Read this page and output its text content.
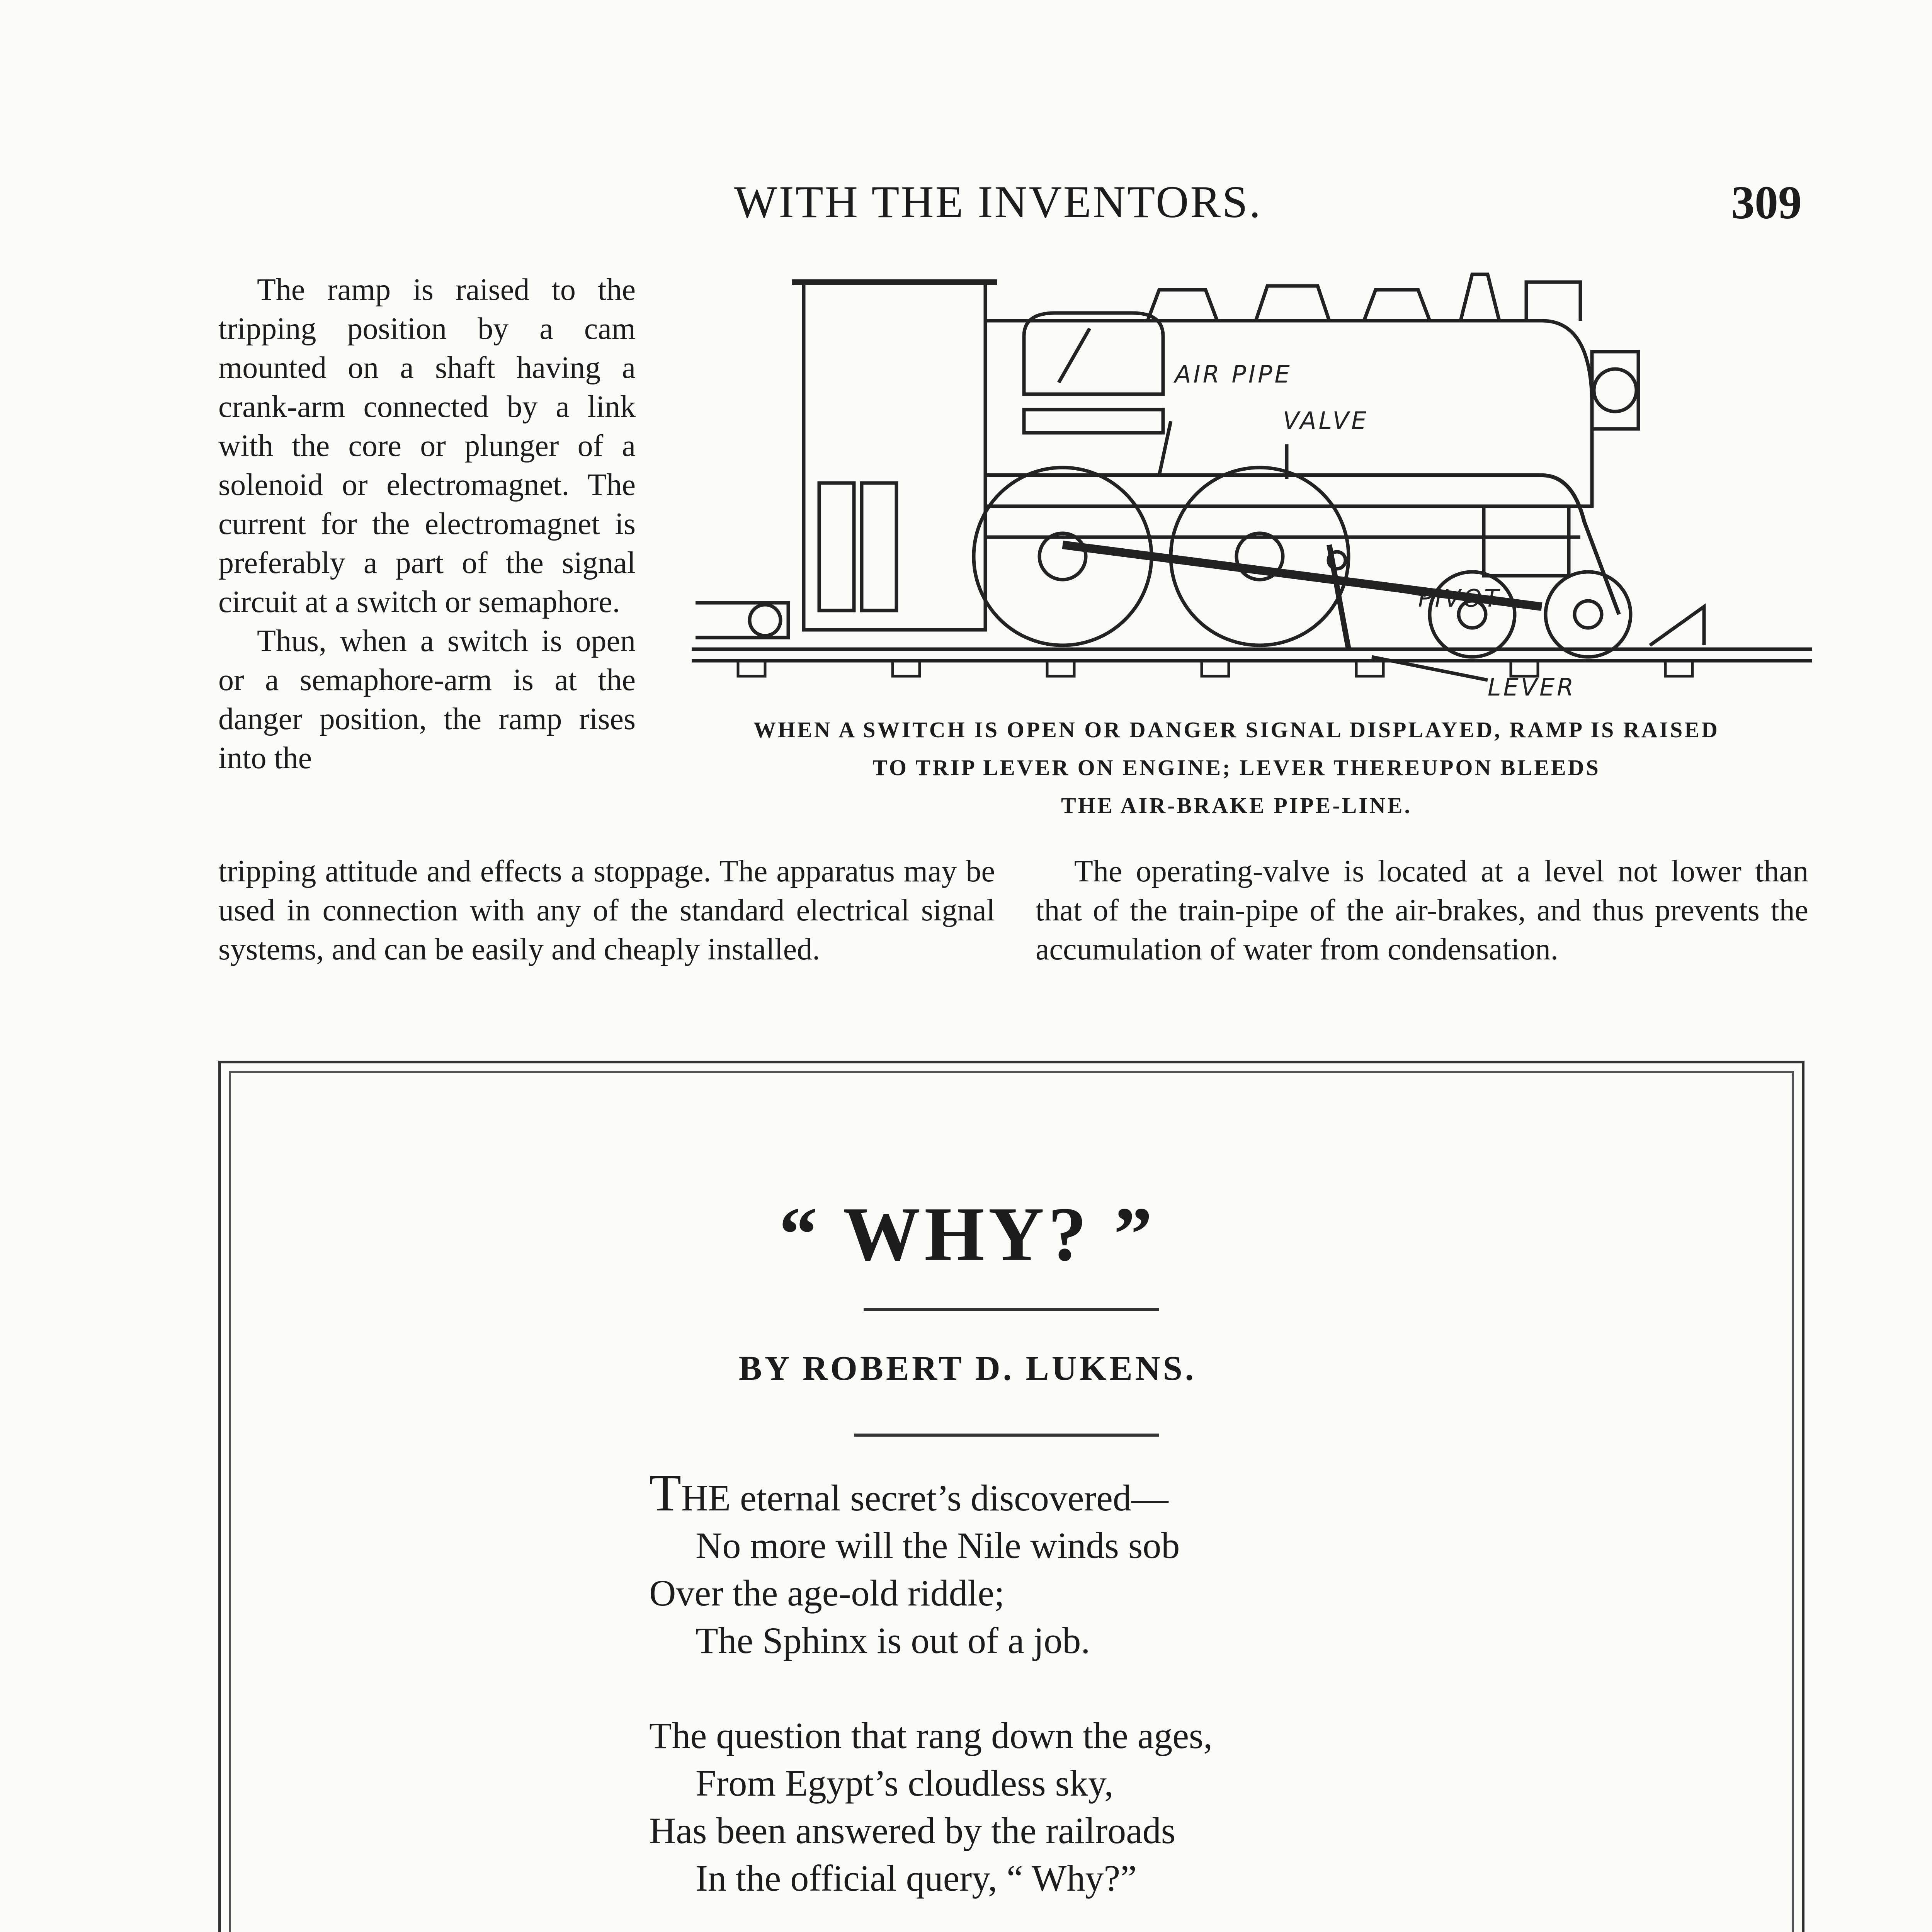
WITH THE INVENTORS.	309

The ramp is raised to the tripping position by a cam mounted on a shaft having a crank-arm connected by a link with the core or plunger of a solenoid or electromagnet. The current for the electromagnet is preferably a part of the signal circuit at a switch or semaphore.

Thus, when a switch is open or a semaphore-arm is at the danger position, the ramp rises into the

AIR PIPE
VALVE
PIVOT
LEVER
WHEN A SWITCH IS OPEN OR DANGER SIGNAL DISPLAYED, RAMP IS RAISED
TO TRIP LEVER ON ENGINE; LEVER THEREUPON BLEEDS
THE AIR-BRAKE PIPE-LINE.

tripping attitude and effects a stoppage. The apparatus may be used in connection with any of the standard electrical signal systems, and can be easily and cheaply installed.

The operating-valve is located at a level not lower than that of the train-pipe of the air-brakes, and thus prevents the accumulation of water from condensation.

“ WHY? ”
BY ROBERT D. LUKENS.
THE eternal secret’s discovered—
No more will the Nile winds sob
Over the age-old riddle;
The Sphinx is out of a job.
The question that rang down the ages,
From Egypt’s cloudless sky,
Has been answered by the railroads
In the official query, “ Why?”
